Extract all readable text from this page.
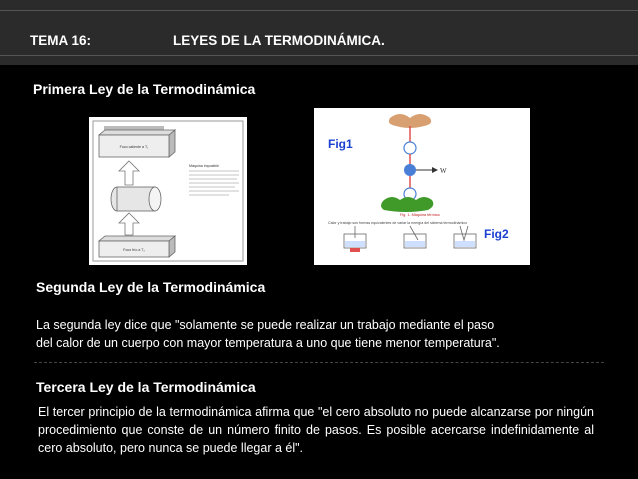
TEMA 16:	LEYES DE LA TERMODINÁMICA.
Primera Ley de la Termodinámica
Foco caliente a T₁
Foco frío a T₂
Máquina imposible
Fig1
W
Fig. 1. Máquina térmica
Calor y trabajo son formas equivalentes de variar la energía del sistema termodinámico
Fig2
Segunda Ley de la Termodinámica
La segunda ley dice que "solamente se puede realizar un trabajo mediante el paso
del calor de un cuerpo con mayor temperatura a uno que tiene menor temperatura".
Tercera Ley de la Termodinámica
El tercer principio de la termodinámica afirma que "el cero absoluto no puede alcanzarse por ningún procedimiento que conste de un número finito de pasos. Es posible acercarse indefinidamente al cero absoluto, pero nunca se puede llegar a él".
